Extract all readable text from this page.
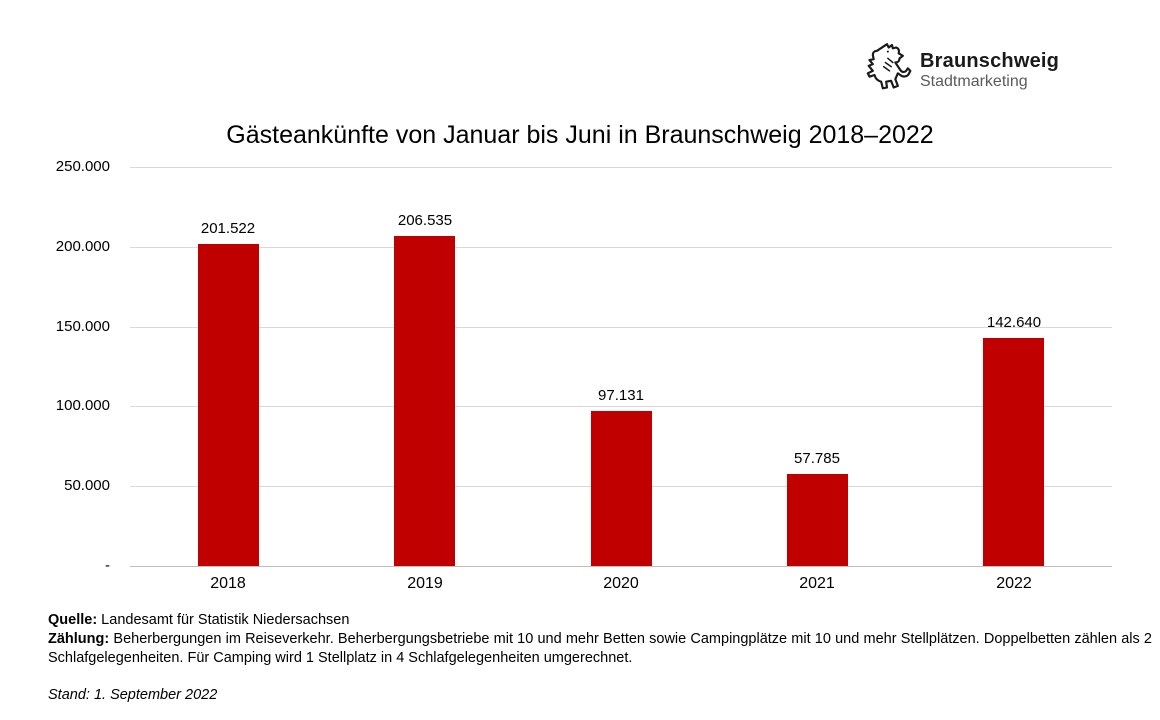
Braunschweig
Stadtmarketing
Gästeankünfte von Januar bis Juni in Braunschweig 2018–2022
250.000
200.000
150.000
100.000
50.000
-
201.522
2018
206.535
2019
97.131
2020
57.785
2021
142.640
2022

Quelle: Landesamt für Statistik Niedersachsen

Zählung: Beherbergungen im Reiseverkehr. Beherbergungsbetriebe mit 10 und mehr Betten sowie Campingplätze mit 10 und mehr Stellplätzen. Doppelbetten zählen als 2 Schlafgelegenheiten. Für Camping wird 1 Stellplatz in 4 Schlafgelegenheiten umgerechnet.

Stand: 1. September 2022
